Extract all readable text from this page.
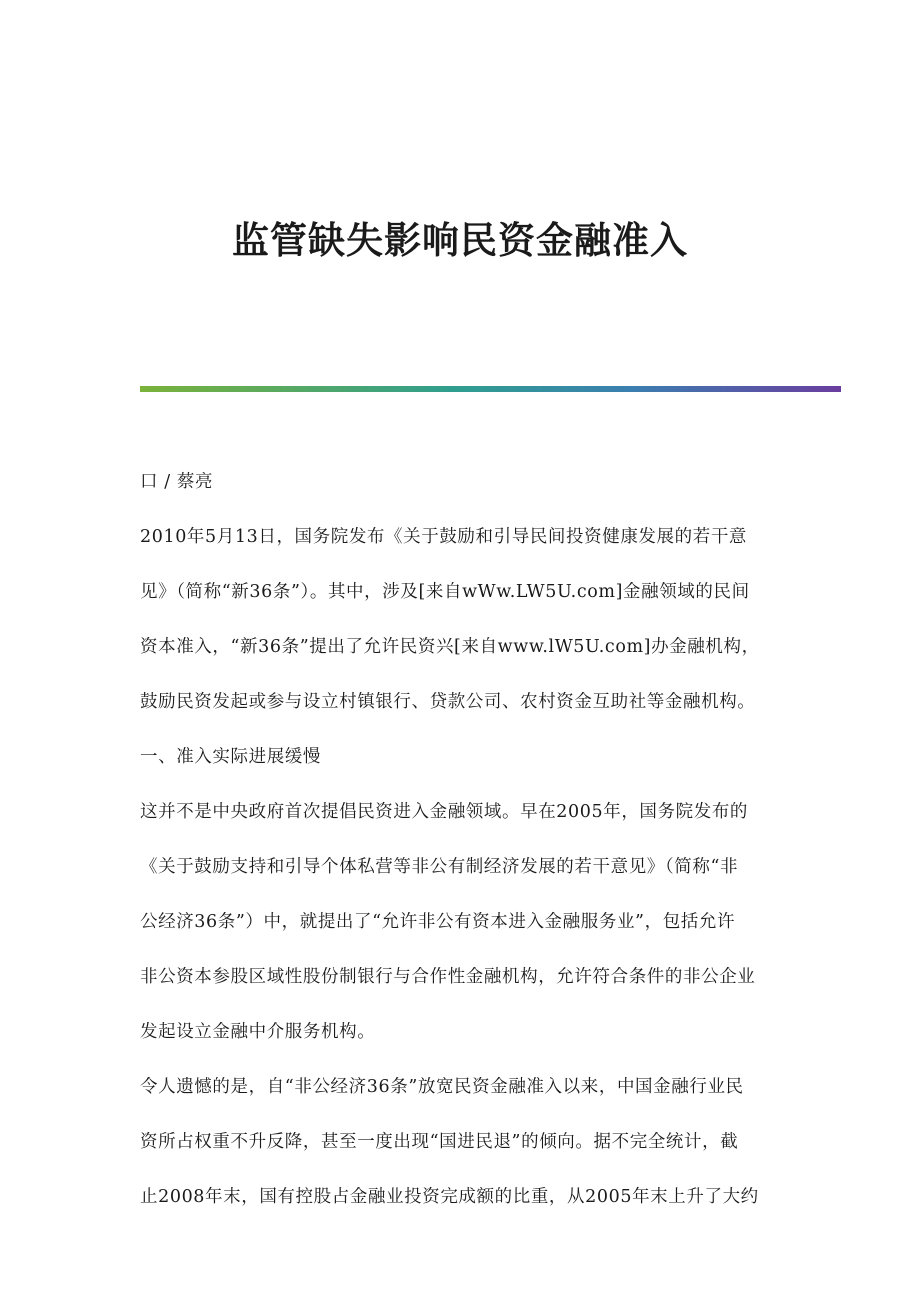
监管缺失影响民资金融准入
口 / 蔡亮
2010年5月13日，国务院发布《关于鼓励和引导民间投资健康发展的若干意
见》（简称“新36条”）。其中，涉及[来自wWw.LW5U.com]金融领域的民间
资本准入，“新36条”提出了允许民资兴[来自www.lW5U.com]办金融机构，
鼓励民资发起或参与设立村镇银行、贷款公司、农村资金互助社等金融机构。
一、准入实际进展缓慢
这并不是中央政府首次提倡民资进入金融领域。早在2005年，国务院发布的
《关于鼓励支持和引导个体私营等非公有制经济发展的若干意见》（简称“非
公经济36条”）中，就提出了“允许非公有资本进入金融服务业”，包括允许
非公资本参股区域性股份制银行与合作性金融机构，允许符合条件的非公企业
发起设立金融中介服务机构。
令人遗憾的是，自“非公经济36条”放宽民资金融准入以来，中国金融行业民
资所占权重不升反降，甚至一度出现“国进民退”的倾向。据不完全统计，截
止2008年末，国有控股占金融业投资完成额的比重，从2005年末上升了大约
